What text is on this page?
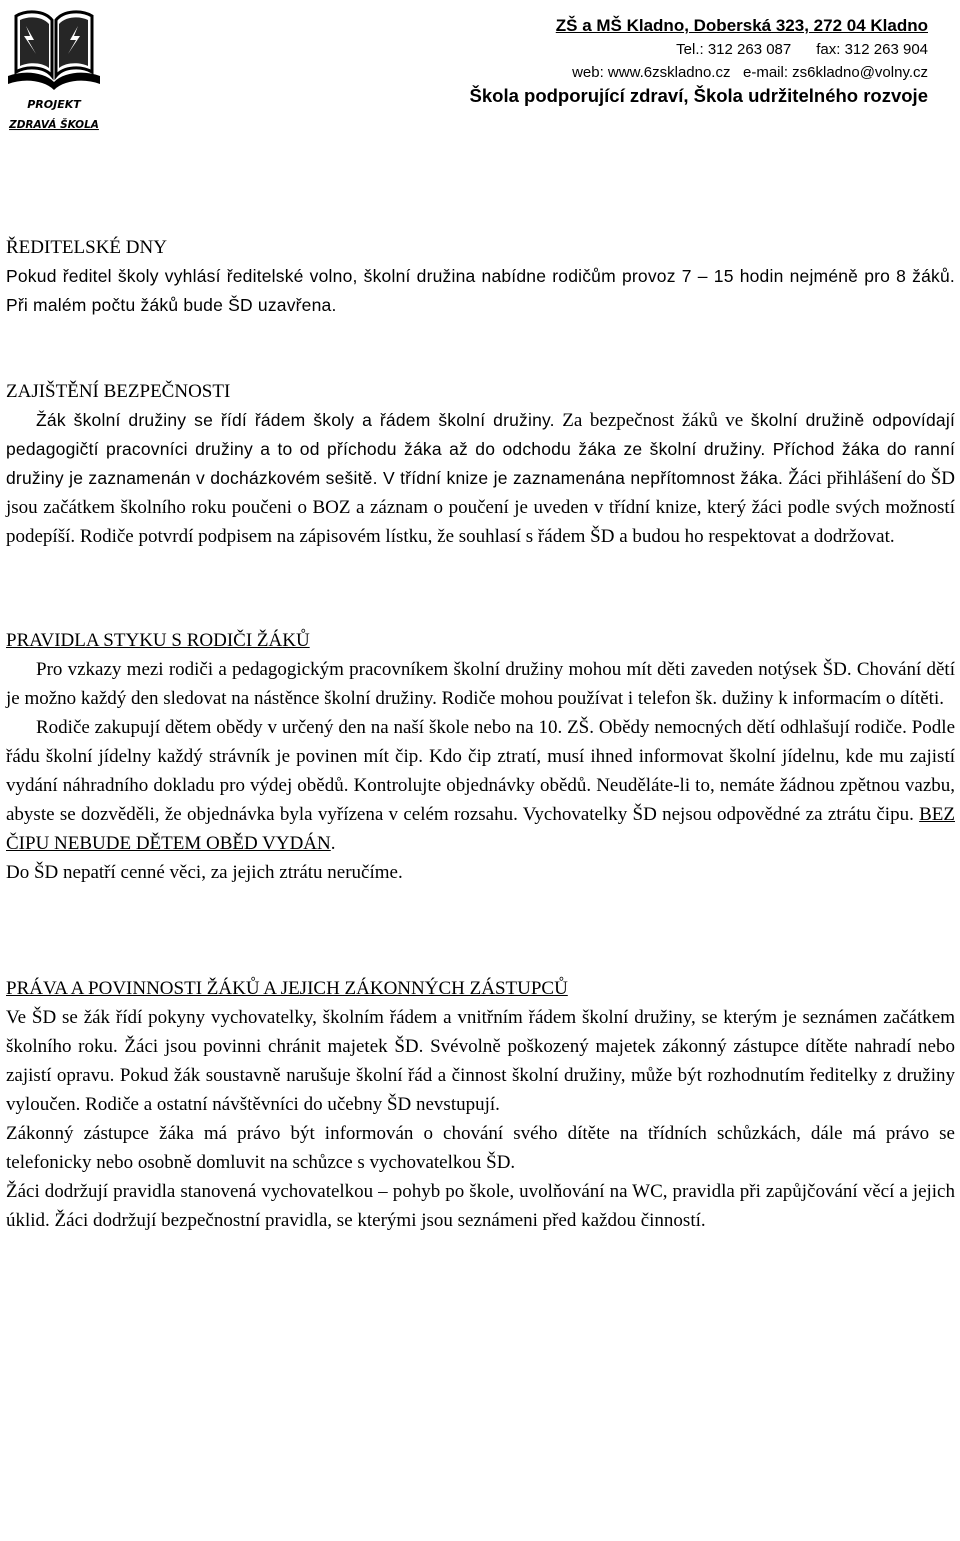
PROJEKT
ZDRAVÁ ŠKOLA
ZŠ a MŠ Kladno, Doberská 323, 272 04 Kladno
Tel.: 312 263 087      fax: 312 263 904
web: www.6zskladno.cz   e-mail: zs6kladno@volny.cz
Škola podporující zdraví, Škola udržitelného rozvoje
ŘEDITELSKÉ DNY

Pokud ředitel školy vyhlásí ředitelské volno, školní družina nabídne rodičům provoz 7 – 15 hodin nejméně pro 8 žáků. Při malém počtu žáků bude ŠD uzavřena.

ZAJIŠTĚNÍ BEZPEČNOSTI

Žák školní družiny se řídí řádem školy a řádem školní družiny. Za bezpečnost žáků ve školní družině odpovídají pedagogičtí pracovníci družiny a to od příchodu žáka až do odchodu žáka ze školní družiny. Příchod žáka do ranní družiny je zaznamenán v docházkovém sešitě. V třídní knize je zaznamenána nepřítomnost žáka. Žáci přihlášení do ŠD jsou začátkem školního roku poučeni o BOZ a záznam o poučení je uveden v třídní knize, který žáci podle svých možností podepíší. Rodiče potvrdí podpisem na zápisovém lístku, že souhlasí s řádem ŠD a budou ho respektovat a dodržovat.

PRAVIDLA STYKU S RODIČI ŽÁKŮ

Pro vzkazy mezi rodiči a pedagogickým pracovníkem školní družiny mohou mít děti zaveden notýsek ŠD. Chování dětí je možno každý den sledovat na nástěnce školní družiny. Rodiče mohou používat i telefon šk. dužiny k informacím o dítěti.

Rodiče zakupují dětem obědy v určený den na naší škole nebo na 10. ZŠ. Obědy nemocných dětí odhlašují rodiče. Podle řádu školní jídelny každý strávník je povinen mít čip. Kdo čip ztratí, musí ihned informovat školní jídelnu, kde mu zajistí vydání náhradního dokladu pro výdej obědů. Kontrolujte objednávky obědů. Neuděláte-li to, nemáte žádnou zpětnou vazbu, abyste se dozvěděli, že objednávka byla vyřízena v celém rozsahu. Vychovatelky ŠD nejsou odpovědné za ztrátu čipu. BEZ ČIPU NEBUDE DĚTEM OBĚD VYDÁN.

Do ŠD nepatří cenné věci, za jejich ztrátu neručíme.

PRÁVA A POVINNOSTI ŽÁKŮ A JEJICH ZÁKONNÝCH ZÁSTUPCŮ

Ve ŠD se žák řídí pokyny vychovatelky, školním řádem a vnitřním řádem školní družiny, se kterým je seznámen začátkem školního roku. Žáci jsou povinni chránit majetek ŠD. Svévolně poškozený majetek zákonný zástupce dítěte nahradí nebo zajistí opravu. Pokud žák soustavně narušuje školní řád a činnost školní družiny, může být rozhodnutím ředitelky z družiny vyloučen. Rodiče a ostatní návštěvníci do učebny ŠD nevstupují.

Zákonný zástupce žáka má právo být informován o chování svého dítěte na třídních schůzkách, dále má právo se telefonicky nebo osobně domluvit na schůzce s vychovatelkou ŠD.

Žáci dodržují pravidla stanovená vychovatelkou – pohyb po škole, uvolňování na WC, pravidla při zapůjčování věcí a jejich úklid. Žáci dodržují bezpečnostní pravidla, se kterými jsou seznámeni před každou činností.
